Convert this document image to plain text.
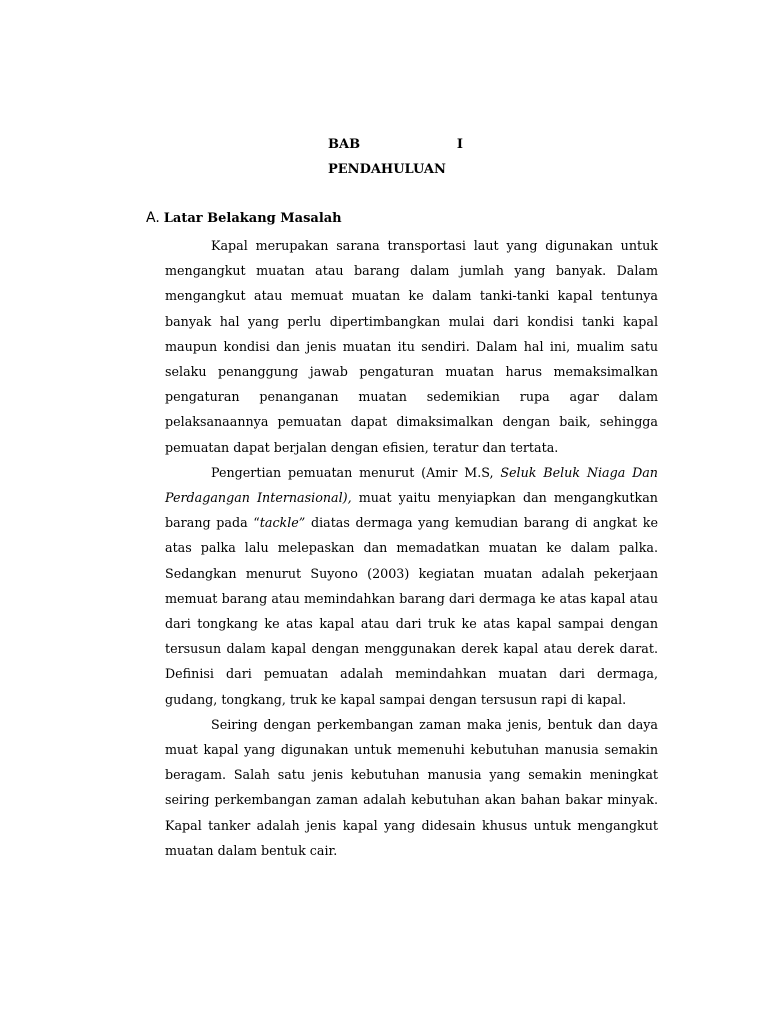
BAB	I
PENDAHULUAN
A. Latar Belakang Masalah

Kapal merupakan sarana transportasi laut yang digunakan untuk mengangkut muatan atau barang dalam jumlah yang banyak. Dalam mengangkut atau memuat muatan ke dalam tanki-tanki kapal tentunya banyak hal yang perlu dipertimbangkan mulai dari kondisi tanki kapal maupun kondisi dan jenis muatan itu sendiri. Dalam hal ini, mualim satu selaku penanggung jawab pengaturan muatan harus memaksimalkan pengaturan penanganan muatan sedemikian rupa agar dalam pelaksanaannya pemuatan dapat dimaksimalkan dengan baik, sehingga pemuatan dapat berjalan dengan efisien, teratur dan tertata.

Pengertian pemuatan menurut (Amir M.S, Seluk Beluk Niaga Dan Perdagangan Internasional), muat yaitu menyiapkan dan mengangkutkan barang pada “tackle” diatas dermaga yang kemudian barang di angkat ke atas palka lalu melepaskan dan memadatkan muatan ke dalam palka. Sedangkan menurut Suyono (2003) kegiatan muatan adalah pekerjaan memuat barang atau memindahkan barang dari dermaga ke atas kapal atau dari tongkang ke atas kapal atau dari truk ke atas kapal sampai dengan tersusun dalam kapal dengan menggunakan derek kapal atau derek darat. Definisi dari pemuatan adalah memindahkan muatan dari dermaga, gudang, tongkang, truk ke kapal sampai dengan tersusun rapi di kapal.

Seiring dengan perkembangan zaman maka jenis, bentuk dan daya muat kapal yang digunakan untuk memenuhi kebutuhan manusia semakin beragam. Salah satu jenis kebutuhan manusia yang semakin meningkat seiring perkembangan zaman adalah kebutuhan akan bahan bakar minyak. Kapal tanker adalah jenis kapal yang didesain khusus untuk mengangkut muatan dalam bentuk cair.
